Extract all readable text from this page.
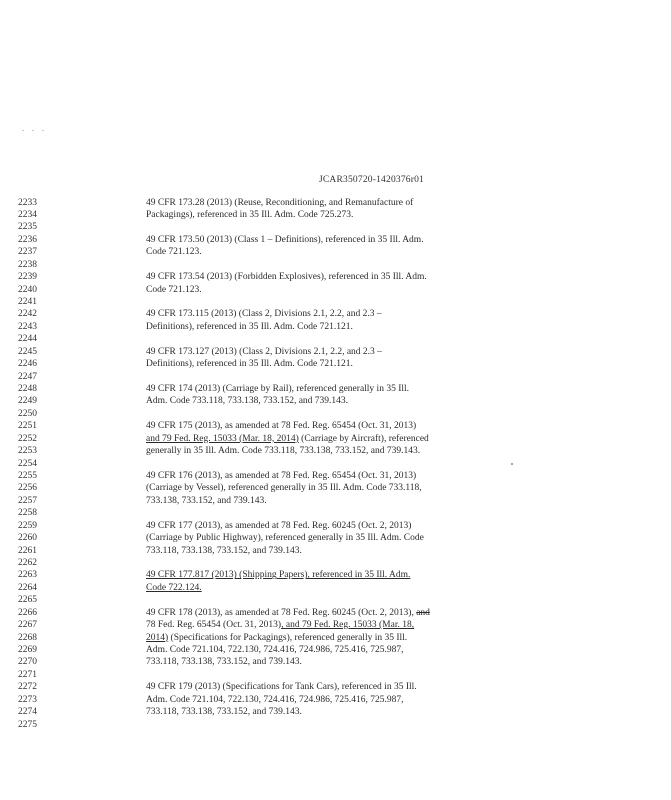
. . .
JCAR350720-1420376r01
2233	49 CFR 173.28 (2013) (Reuse, Reconditioning, and Remanufacture of
2234	Packagings), referenced in 35 Ill. Adm. Code 725.273.
2235
2236	49 CFR 173.50 (2013) (Class 1 – Definitions), referenced in 35 Ill. Adm.
2237	Code 721.123.
2238
2239	49 CFR 173.54 (2013) (Forbidden Explosives), referenced in 35 Ill. Adm.
2240	Code 721.123.
2241
2242	49 CFR 173.115 (2013) (Class 2, Divisions 2.1, 2.2, and 2.3 –
2243	Definitions), referenced in 35 Ill. Adm. Code 721.121.
2244
2245	49 CFR 173.127 (2013) (Class 2, Divisions 2.1, 2.2, and 2.3 –
2246	Definitions), referenced in 35 Ill. Adm. Code 721.121.
2247
2248	49 CFR 174 (2013) (Carriage by Rail), referenced generally in 35 Ill.
2249	Adm. Code 733.118, 733.138, 733.152, and 739.143.
2250
2251	49 CFR 175 (2013), as amended at 78 Fed. Reg. 65454 (Oct. 31, 2013)
2252	and 79 Fed. Reg. 15033 (Mar. 18, 2014) (Carriage by Aircraft), referenced
2253	generally in 35 Ill. Adm. Code 733.118, 733.138, 733.152, and 739.143.
2254
2255	49 CFR 176 (2013), as amended at 78 Fed. Reg. 65454 (Oct. 31, 2013)
2256	(Carriage by Vessel), referenced generally in 35 Ill. Adm. Code 733.118,
2257	733.138, 733.152, and 739.143.
2258
2259	49 CFR 177 (2013), as amended at 78 Fed. Reg. 60245 (Oct. 2, 2013)
2260	(Carriage by Public Highway), referenced generally in 35 Ill. Adm. Code
2261	733.118, 733.138, 733.152, and 739.143.
2262
2263	49 CFR 177.817 (2013) (Shipping Papers), referenced in 35 Ill. Adm.
2264	Code 722.124.
2265
2266	49 CFR 178 (2013), as amended at 78 Fed. Reg. 60245 (Oct. 2, 2013), and
2267	78 Fed. Reg. 65454 (Oct. 31, 2013), and 79 Fed. Reg. 15033 (Mar. 18,
2268	2014) (Specifications for Packagings), referenced generally in 35 Ill.
2269	Adm. Code 721.104, 722.130, 724.416, 724.986, 725.416, 725.987,
2270	733.118, 733.138, 733.152, and 739.143.
2271
2272	49 CFR 179 (2013) (Specifications for Tank Cars), referenced in 35 Ill.
2273	Adm. Code 721.104, 722.130, 724.416, 724.986, 725.416, 725.987,
2274	733.118, 733.138, 733.152, and 739.143.
2275
